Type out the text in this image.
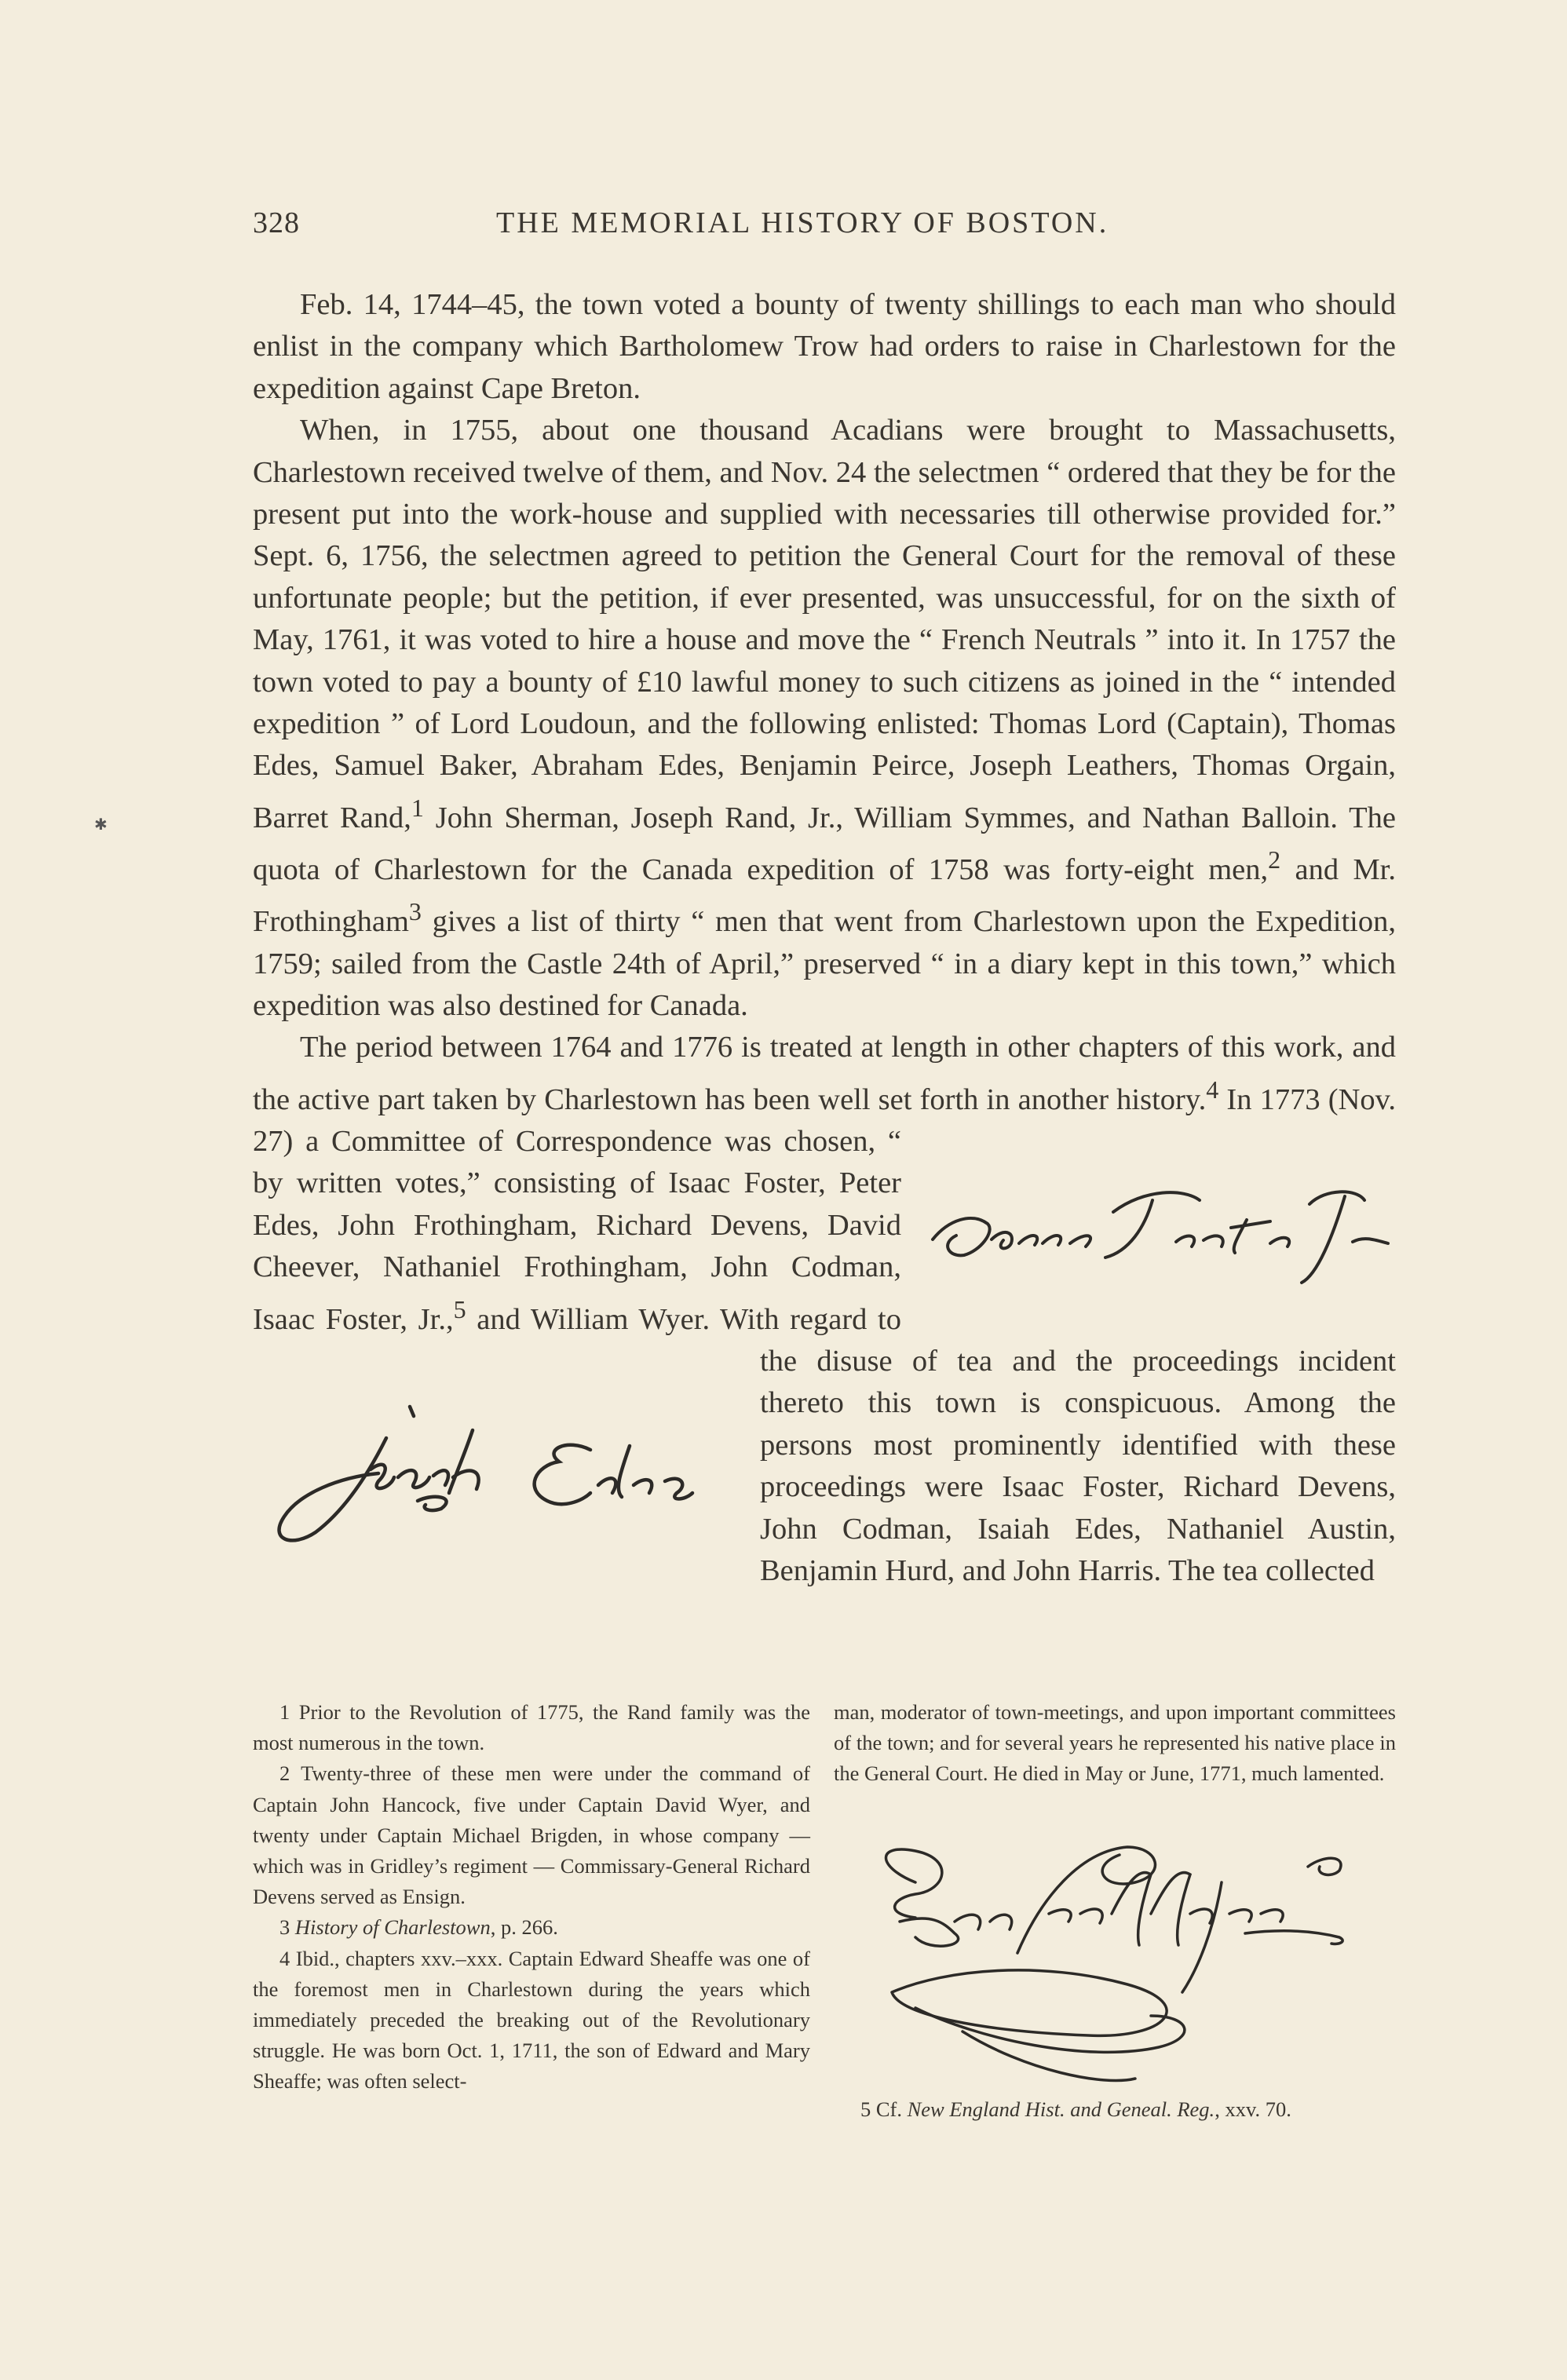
✱
328	THE MEMORIAL HISTORY OF BOSTON.

Feb. 14, 1744–45, the town voted a bounty of twenty shillings to each man who should enlist in the company which Bartholomew Trow had orders to raise in Charlestown for the expedition against Cape Breton.

When, in 1755, about one thousand Acadians were brought to Massachusetts, Charlestown received twelve of them, and Nov. 24 the selectmen “ ordered that they be for the present put into the work-house and supplied with necessaries till otherwise provided for.” Sept. 6, 1756, the selectmen agreed to petition the General Court for the removal of these unfortunate people; but the petition, if ever presented, was unsuccessful, for on the sixth of May, 1761, it was voted to hire a house and move the “ French Neutrals ” into it. In 1757 the town voted to pay a bounty of £10 lawful money to such citizens as joined in the “ intended expedition ” of Lord Loudoun, and the following enlisted: Thomas Lord (Captain), Thomas Edes, Samuel Baker, Abraham Edes, Benjamin Peirce, Joseph Leathers, Thomas Orgain, Barret Rand,$^1$ John Sherman, Joseph Rand, Jr., William Symmes, and Nathan Balloin. The quota of Charlestown for the Canada expedition of 1758 was forty-eight men,$^2$ and Mr. Frothingham$^3$ gives a list of thirty “ men that went from Charlestown upon the Expedition, 1759; sailed from the Castle 24th of April,” preserved “ in a diary kept in this town,” which expedition was also destined for Canada.

The period between 1764 and 1776 is treated at length in other chapters of this work, and the active part taken by Charlestown has been well set forth in another history.$^4$
In 1773 (Nov. 27) a Committee of Correspondence was chosen, “ by written votes,” consisting of Isaac Foster, Peter Edes, John Frothingham, Richard Devens, David Cheever, Nathaniel Frothingham, John Codman, Isaac Foster, Jr.,$^5$
and William Wyer. With regard to the disuse of tea and the proceedings incident thereto this town is conspicuous. Among the persons most prominently identified with these proceedings were Isaac Foster, Richard Devens, John Codman, Isaiah Edes, Nathaniel Austin, Benjamin Hurd, and John Harris. The tea collected

1 Prior to the Revolution of 1775, the Rand family was the most numerous in the town.

2 Twenty-three of these men were under the command of Captain John Hancock, five under Captain David Wyer, and twenty under Captain Michael Brigden, in whose company — which was in Gridley’s regiment — Commissary-General Richard Devens served as Ensign.

3 History of Charlestown, p. 266.

4 Ibid., chapters xxv.–xxx. Captain Edward Sheaffe was one of the foremost men in Charlestown during the years which immediately preceded the breaking out of the Revolutionary struggle. He was born Oct. 1, 1711, the son of Edward and Mary Sheaffe; was often select-

man, moderator of town-meetings, and upon important committees of the town; and for several years he represented his native place in the General Court. He died in May or June, 1771, much lamented.

5 Cf. New England Hist. and Geneal. Reg., xxv. 70.
